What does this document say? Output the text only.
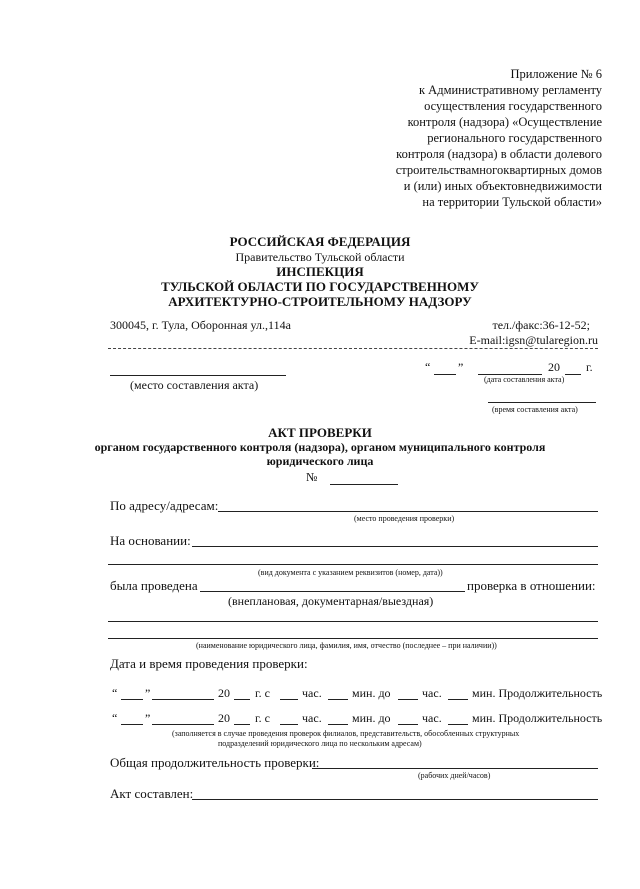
Приложение № 6
к Административному регламенту
осуществления государственного
контроля (надзора) «Осуществление
регионального государственного
контроля (надзора) в области долевого
строительствамногоквартирных домов
и (или) иных объектовнедвижимости
на территории Тульской области»
РОССИЙСКАЯ ФЕДЕРАЦИЯ
Правительство Тульской области
ИНСПЕКЦИЯ
ТУЛЬСКОЙ ОБЛАСТИ ПО ГОСУДАРСТВЕННОМУ
АРХИТЕКТУРНО-СТРОИТЕЛЬНОМУ НАДЗОРУ
300045, г. Тула, Оборонная ул.,114а	тел./факс:36-12-52;
E-mail:igsn@tularegion.ru
(место составления акта)
“ ”	20 г.
(дата составления акта)
(время составления акта)
АКТ ПРОВЕРКИ
органом государственного контроля (надзора), органом муниципального контроля
юридического лица
№
По адресу/адресам:
(место проведения проверки)
На основании:
(вид документа с указанием реквизитов (номер, дата))
была проведена	проверка в отношении:
(внеплановая, документарная/выездная)
(наименование юридического лица, фамилия, имя, отчество (последнее – при наличии))
Дата и время проведения проверки:
“ ”	20 г. с	час.	мин. до	час.	мин. Продолжительность
“ ”	20 г. с	час.	мин. до	час.	мин. Продолжительность
(заполняется в случае проведения проверок филиалов, представительств, обособленных структурных
подразделений юридического лица по нескольким адресам)
Общая продолжительность проверки:
(рабочих дней/часов)
Акт составлен:
